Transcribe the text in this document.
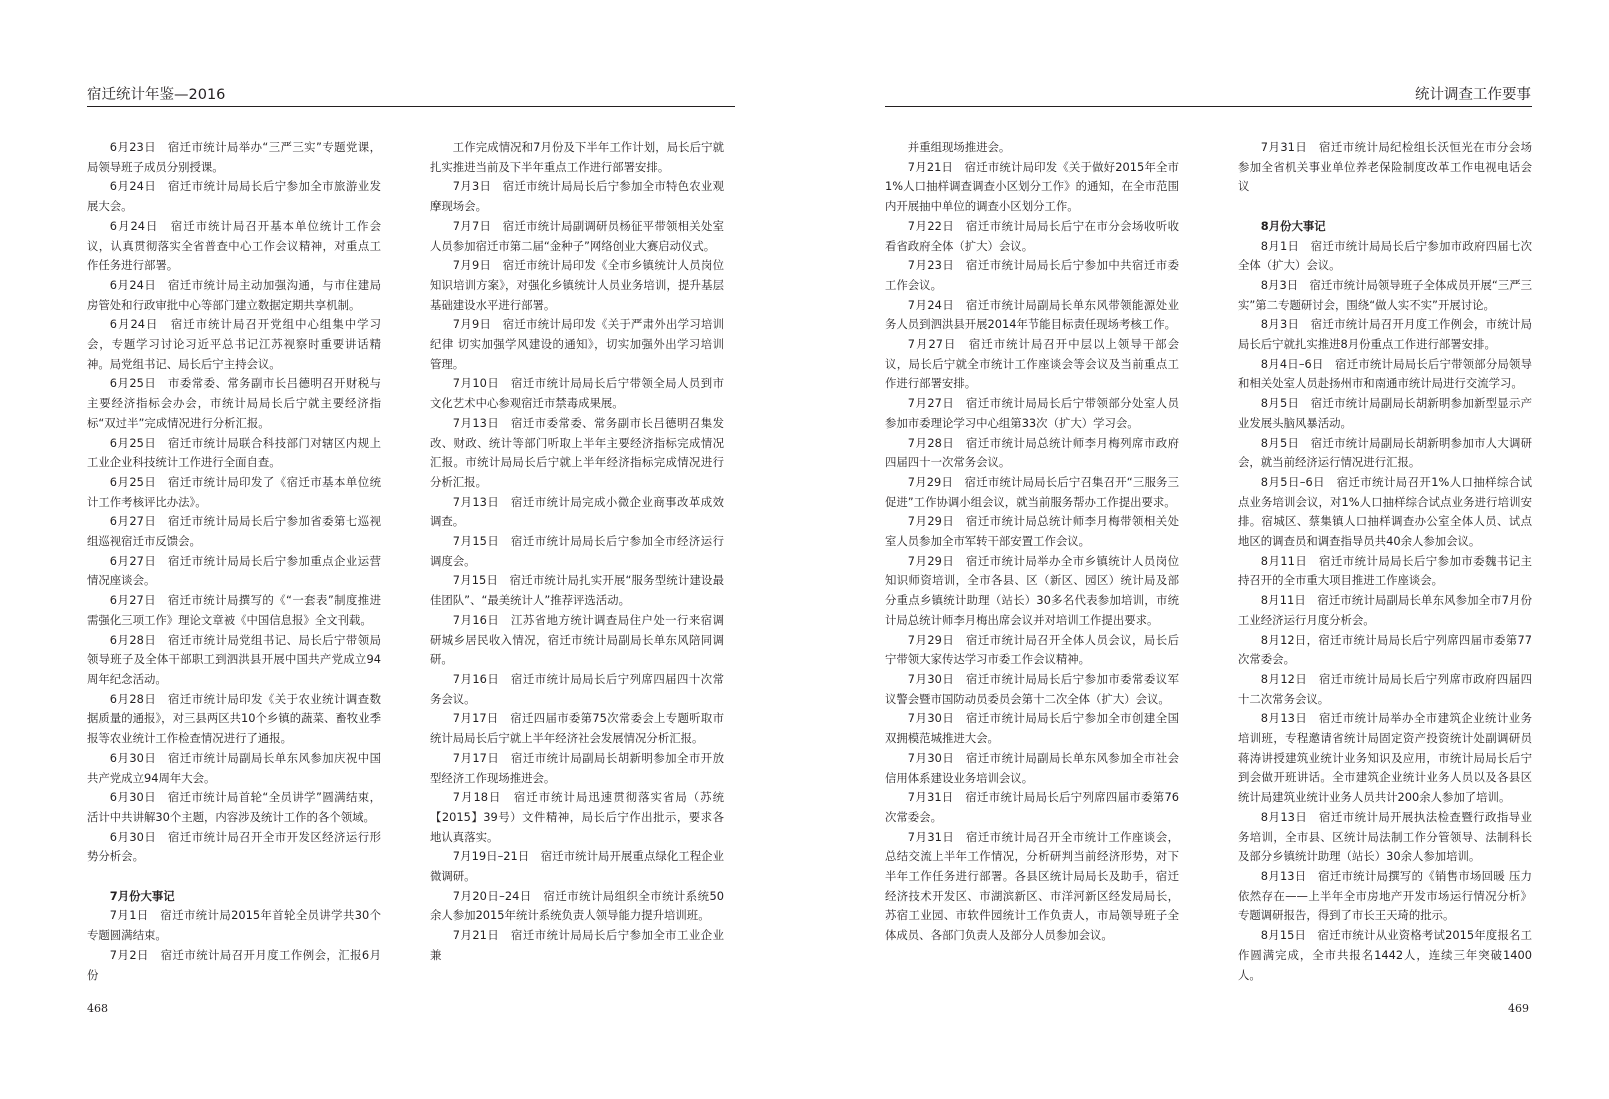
宿迁统计年鉴—2016

6月23日　宿迁市统计局举办“三严三实”专题党课，局领导班子成员分别授课。

6月24日　宿迁市统计局局长后宁参加全市旅游业发展大会。

6月24日　宿迁市统计局召开基本单位统计工作会议，认真贯彻落实全省普查中心工作会议精神，对重点工作任务进行部署。

6月24日　宿迁市统计局主动加强沟通，与市住建局房管处和行政审批中心等部门建立数据定期共享机制。

6月24日　宿迁市统计局召开党组中心组集中学习会，专题学习讨论习近平总书记江苏视察时重要讲话精神。局党组书记、局长后宁主持会议。

6月25日　市委常委、常务副市长吕德明召开财税与主要经济指标会办会，市统计局局长后宁就主要经济指标“双过半”完成情况进行分析汇报。

6月25日　宿迁市统计局联合科技部门对辖区内规上工业企业科技统计工作进行全面自查。

6月25日　宿迁市统计局印发了《宿迁市基本单位统计工作考核评比办法》。

6月27日　宿迁市统计局局长后宁参加省委第七巡视组巡视宿迁市反馈会。

6月27日　宿迁市统计局局长后宁参加重点企业运营情况座谈会。

6月27日　宿迁市统计局撰写的《“一套表”制度推进需强化三项工作》理论文章被《中国信息报》全文刊载。

6月28日　宿迁市统计局党组书记、局长后宁带领局领导班子及全体干部职工到泗洪县开展中国共产党成立94周年纪念活动。

6月28日　宿迁市统计局印发《关于农业统计调查数据质量的通报》，对三县两区共10个乡镇的蔬菜、畜牧业季报等农业统计工作检查情况进行了通报。

6月30日　宿迁市统计局副局长单东风参加庆祝中国共产党成立94周年大会。

6月30日　宿迁市统计局首轮“全员讲学”圆满结束，活计中共讲解30个主题，内容涉及统计工作的各个领域。

6月30日　宿迁市统计局召开全市开发区经济运行形势分析会。

7月份大事记

7月1日　宿迁市统计局2015年首轮全员讲学共30个专题圆满结束。

7月2日　宿迁市统计局召开月度工作例会，汇报6月份

工作完成情况和7月份及下半年工作计划，局长后宁就扎实推进当前及下半年重点工作进行部署安排。

7月3日　宿迁市统计局局长后宁参加全市特色农业观摩现场会。

7月7日　宿迁市统计局副调研员杨征平带领相关处室人员参加宿迁市第二届“金种子”网络创业大赛启动仪式。

7月9日　宿迁市统计局印发《全市乡镇统计人员岗位知识培训方案》，对强化乡镇统计人员业务培训，提升基层基础建设水平进行部署。

7月9日　宿迁市统计局印发《关于严肃外出学习培训纪律 切实加强学风建设的通知》，切实加强外出学习培训管理。

7月10日　宿迁市统计局局长后宁带领全局人员到市文化艺术中心参观宿迁市禁毒成果展。

7月13日　宿迁市委常委、常务副市长吕德明召集发改、财政、统计等部门听取上半年主要经济指标完成情况汇报。市统计局局长后宁就上半年经济指标完成情况进行分析汇报。

7月13日　宿迁市统计局完成小微企业商事改革成效调查。

7月15日　宿迁市统计局局长后宁参加全市经济运行调度会。

7月15日　宿迁市统计局扎实开展“服务型统计建设最佳团队”、“最美统计人”推荐评选活动。

7月16日　江苏省地方统计调查局住户处一行来宿调研城乡居民收入情况，宿迁市统计局副局长单东风陪同调研。

7月16日　宿迁市统计局局长后宁列席四届四十次常务会议。

7月17日　宿迁四届市委第75次常委会上专题听取市统计局局长后宁就上半年经济社会发展情况分析汇报。

7月17日　宿迁市统计局副局长胡新明参加全市开放型经济工作现场推进会。

7月18日　宿迁市统计局迅速贯彻落实省局（苏统【2015】39号）文件精神，局长后宁作出批示，要求各地认真落实。

7月19日–21日　宿迁市统计局开展重点绿化工程企业微调研。

7月20日–24日　宿迁市统计局组织全市统计系统50余人参加2015年统计系统负责人领导能力提升培训班。

7月21日　宿迁市统计局局长后宁参加全市工业企业兼

468
统计调查工作要事

并重组现场推进会。

7月21日　宿迁市统计局印发《关于做好2015年全市1%人口抽样调查调查小区划分工作》的通知，在全市范围内开展抽中单位的调查小区划分工作。

7月22日　宿迁市统计局局长后宁在市分会场收听收看省政府全体（扩大）会议。

7月23日　宿迁市统计局局长后宁参加中共宿迁市委工作会议。

7月24日　宿迁市统计局副局长单东风带领能源处业务人员到泗洪县开展2014年节能目标责任现场考核工作。

7月27日　宿迁市统计局召开中层以上领导干部会议，局长后宁就全市统计工作座谈会等会议及当前重点工作进行部署安排。

7月27日　宿迁市统计局局长后宁带领部分处室人员参加市委理论学习中心组第33次（扩大）学习会。

7月28日　宿迁市统计局总统计师李月梅列席市政府四届四十一次常务会议。

7月29日　宿迁市统计局局长后宁召集召开“三服务三促进”工作协调小组会议，就当前服务帮办工作提出要求。

7月29日　宿迁市统计局总统计师李月梅带领相关处室人员参加全市军转干部安置工作会议。

7月29日　宿迁市统计局举办全市乡镇统计人员岗位知识师资培训，全市各县、区（新区、园区）统计局及部分重点乡镇统计助理（站长）30多名代表参加培训，市统计局总统计师李月梅出席会议并对培训工作提出要求。

7月29日　宿迁市统计局召开全体人员会议，局长后宁带领大家传达学习市委工作会议精神。

7月30日　宿迁市统计局局长后宁参加市委常委议军议警会暨市国防动员委员会第十二次全体（扩大）会议。

7月30日　宿迁市统计局局长后宁参加全市创建全国双拥模范城推进大会。

7月30日　宿迁市统计局副局长单东风参加全市社会信用体系建设业务培训会议。

7月31日　宿迁市统计局局长后宁列席四届市委第76次常委会。

7月31日　宿迁市统计局召开全市统计工作座谈会，总结交流上半年工作情况，分析研判当前经济形势，对下半年工作任务进行部署。各县区统计局局长及助手，宿迁经济技术开发区、市湖滨新区、市洋河新区经发局局长，苏宿工业园、市软件园统计工作负责人，市局领导班子全体成员、各部门负责人及部分人员参加会议。

7月31日　宿迁市统计局纪检组长沃恒光在市分会场参加全省机关事业单位养老保险制度改革工作电视电话会议

8月份大事记

8月1日　宿迁市统计局局长后宁参加市政府四届七次全体（扩大）会议。

8月3日　宿迁市统计局领导班子全体成员开展“三严三实”第二专题研讨会，围绕“做人实不实”开展讨论。

8月3日　宿迁市统计局召开月度工作例会，市统计局局长后宁就扎实推进8月份重点工作进行部署安排。

8月4日–6日　宿迁市统计局局长后宁带领部分局领导和相关处室人员赴扬州市和南通市统计局进行交流学习。

8月5日　宿迁市统计局副局长胡新明参加新型显示产业发展头脑风暴活动。

8月5日　宿迁市统计局副局长胡新明参加市人大调研会，就当前经济运行情况进行汇报。

8月5日–6日　宿迁市统计局召开1%人口抽样综合试点业务培训会议，对1%人口抽样综合试点业务进行培训安排。宿城区、蔡集镇人口抽样调查办公室全体人员、试点地区的调查员和调查指导员共40余人参加会议。

8月11日　宿迁市统计局局长后宁参加市委魏书记主持召开的全市重大项目推进工作座谈会。

8月11日　宿迁市统计局副局长单东风参加全市7月份工业经济运行月度分析会。

8月12日，宿迁市统计局局长后宁列席四届市委第77次常委会。

8月12日　宿迁市统计局局长后宁列席市政府四届四十二次常务会议。

8月13日　宿迁市统计局举办全市建筑企业统计业务培训班，专程邀请省统计局固定资产投资统计处副调研员蒋涛讲授建筑业统计业务知识及应用，市统计局局长后宁到会做开班讲话。全市建筑企业统计业务人员以及各县区统计局建筑业统计业务人员共计200余人参加了培训。

8月13日　宿迁市统计局开展执法检查暨行政指导业务培训，全市县、区统计局法制工作分管领导、法制科长及部分乡镇统计助理（站长）30余人参加培训。

8月13日　宿迁市统计局撰写的《销售市场回暖 压力依然存在——上半年全市房地产开发市场运行情况分析》专题调研报告，得到了市长王天琦的批示。

8月15日　宿迁市统计从业资格考试2015年度报名工作圆满完成，全市共报名1442人，连续三年突破1400人。

469
